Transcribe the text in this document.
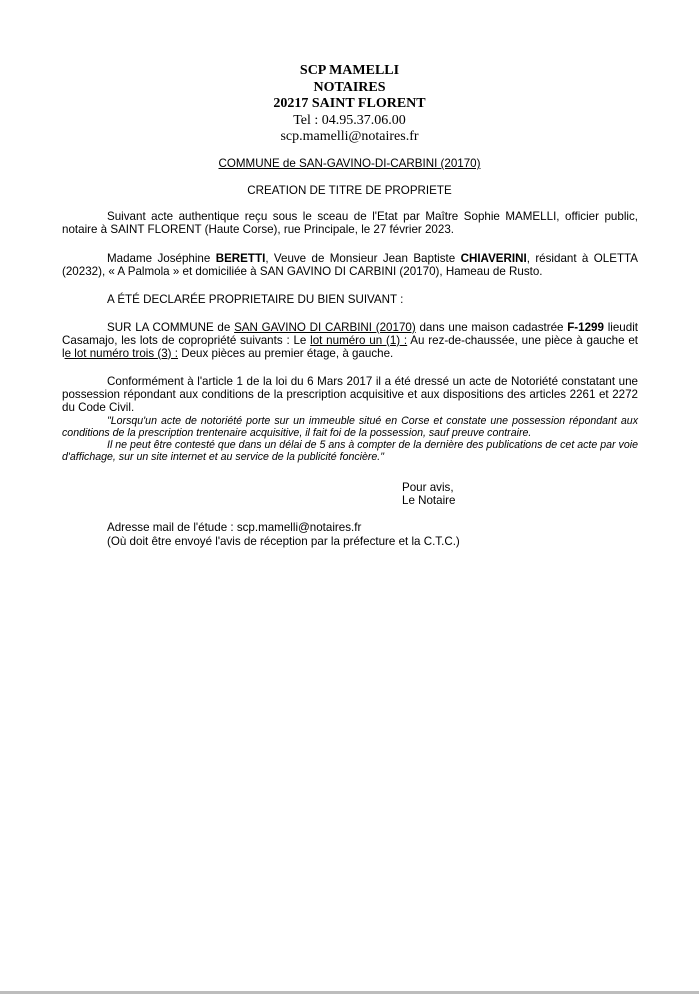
SCP MAMELLI
NOTAIRES
20217 SAINT FLORENT
Tel : 04.95.37.06.00
scp.mamelli@notaires.fr
COMMUNE de SAN-GAVINO-DI-CARBINI (20170)
CREATION DE TITRE DE PROPRIETE
Suivant acte authentique reçu sous le sceau de l'Etat par Maître Sophie MAMELLI, officier public, notaire à SAINT FLORENT (Haute Corse), rue Principale, le 27 février 2023.
Madame Joséphine BERETTI, Veuve de Monsieur Jean Baptiste CHIAVERINI, résidant à OLETTA (20232), « A Palmola » et domiciliée à SAN GAVINO DI CARBINI (20170), Hameau de Rusto.
A ÉTÉ DECLARÉE PROPRIETAIRE DU BIEN SUIVANT :
SUR LA COMMUNE de SAN GAVINO DI CARBINI (20170) dans une maison cadastrée F-1299 lieudit Casamajo, les lots de copropriété suivants : Le lot numéro un (1) : Au rez-de-chaussée, une pièce à gauche et le lot numéro trois (3) : Deux pièces au premier étage, à gauche.
Conformément à l'article 1 de la loi du 6 Mars 2017 il a été dressé un acte de Notoriété constatant une possession répondant aux conditions de la prescription acquisitive et aux dispositions des articles 2261 et 2272 du Code Civil.
"Lorsqu'un acte de notoriété porte sur un immeuble situé en Corse et constate une possession répondant aux conditions de la prescription trentenaire acquisitive, il fait foi de la possession, sauf preuve contraire.
Il ne peut être contesté que dans un délai de 5 ans à compter de la dernière des publications de cet acte par voie d'affichage, sur un site internet et au service de la publicité foncière."
Pour avis,
Le Notaire
Adresse mail de l'étude : scp.mamelli@notaires.fr
(Où doit être envoyé l'avis de réception par la préfecture et la C.T.C.)
